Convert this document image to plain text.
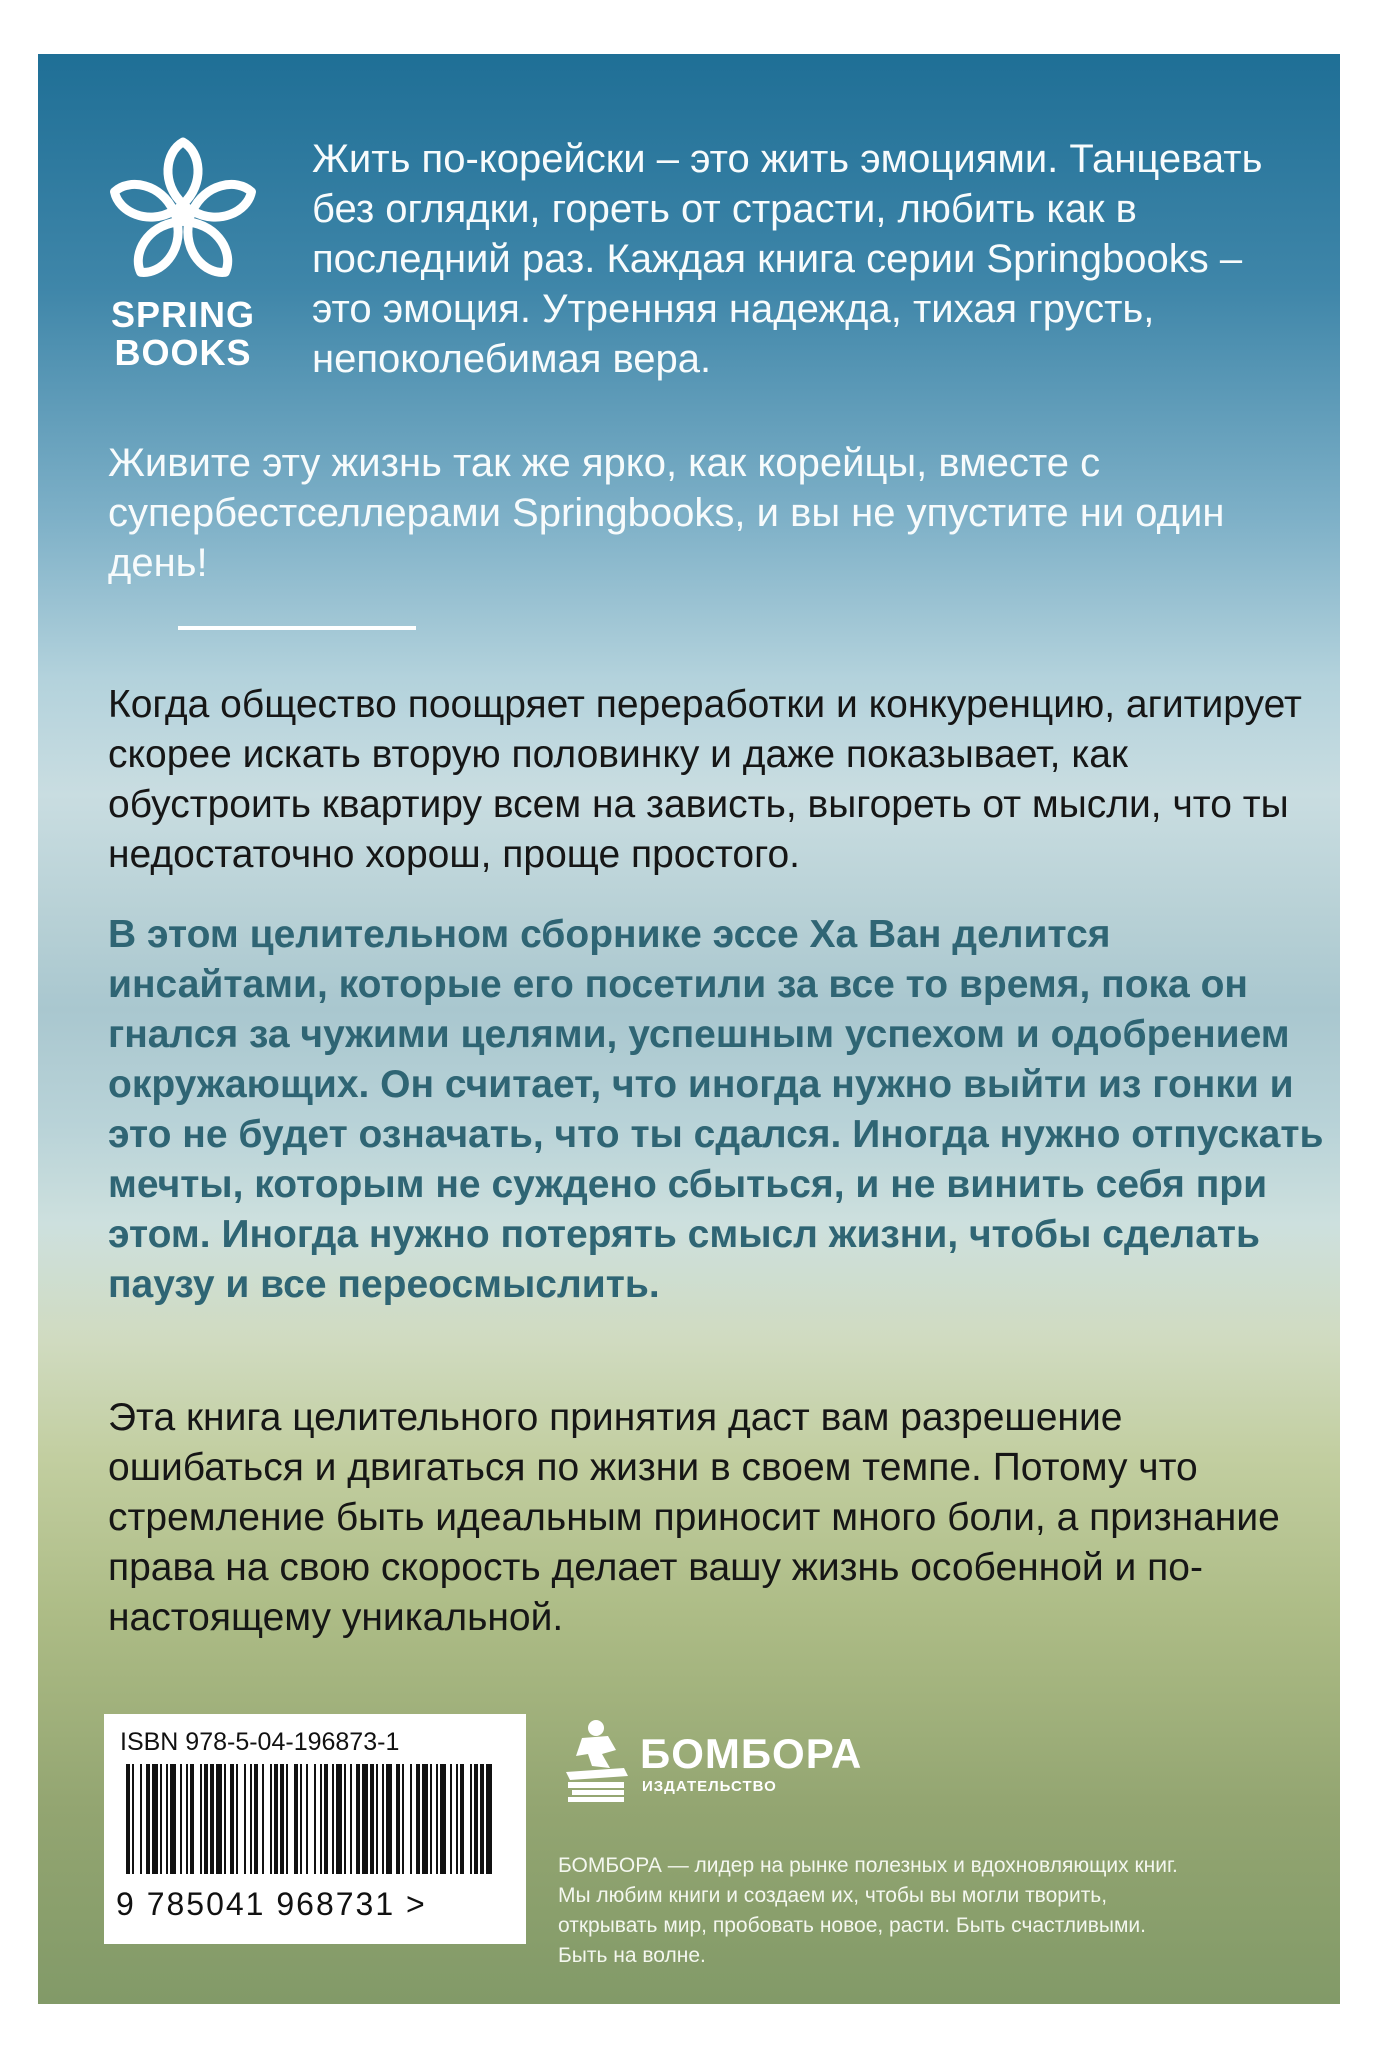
SPRING
BOOKS

Жить по-корейски – это жить эмоциями. Танцевать без оглядки, гореть от страсти, любить как в последний раз. Каждая книга серии Springbooks – это эмоция. Утренняя надежда, тихая грусть, непоколебимая вера.

Живите эту жизнь так же ярко, как корейцы, вместе с супербестселлерами Springbooks, и вы не упустите ни один день!

Когда общество поощряет переработки и конкуренцию, агитирует скорее искать вторую половинку и даже показывает, как обустроить квартиру всем на зависть, выгореть от мысли, что ты недостаточно хорош, проще простого.

В этом целительном сборнике эссе Ха Ван делится инсайтами, которые его посетили за все то время, пока он гнался за чужими целями, успешным успехом и одобрением окружающих. Он считает, что иногда нужно выйти из гонки и это не будет означать, что ты сдался. Иногда нужно отпускать мечты, которым не суждено сбыться, и не винить себя при этом. Иногда нужно потерять смысл жизни, чтобы сделать паузу и все переосмыслить.

Эта книга целительного принятия даст вам разрешение ошибаться и двигаться по жизни в своем темпе. Потому что стремление быть идеальным приносит много боли, а признание права на свою скорость делает вашу жизнь особенной и по-настоящему уникальной.

ISBN 978-5-04-196873-1
9 785041 968731 >
БОМБОРА
ИЗДАТЕЛЬСТВО

БОМБОРА — лидер на рынке полезных и вдохновляющих книг. Мы любим книги и создаем их, чтобы вы могли творить, открывать мир, пробовать новое, расти. Быть счастливыми. Быть на волне.
